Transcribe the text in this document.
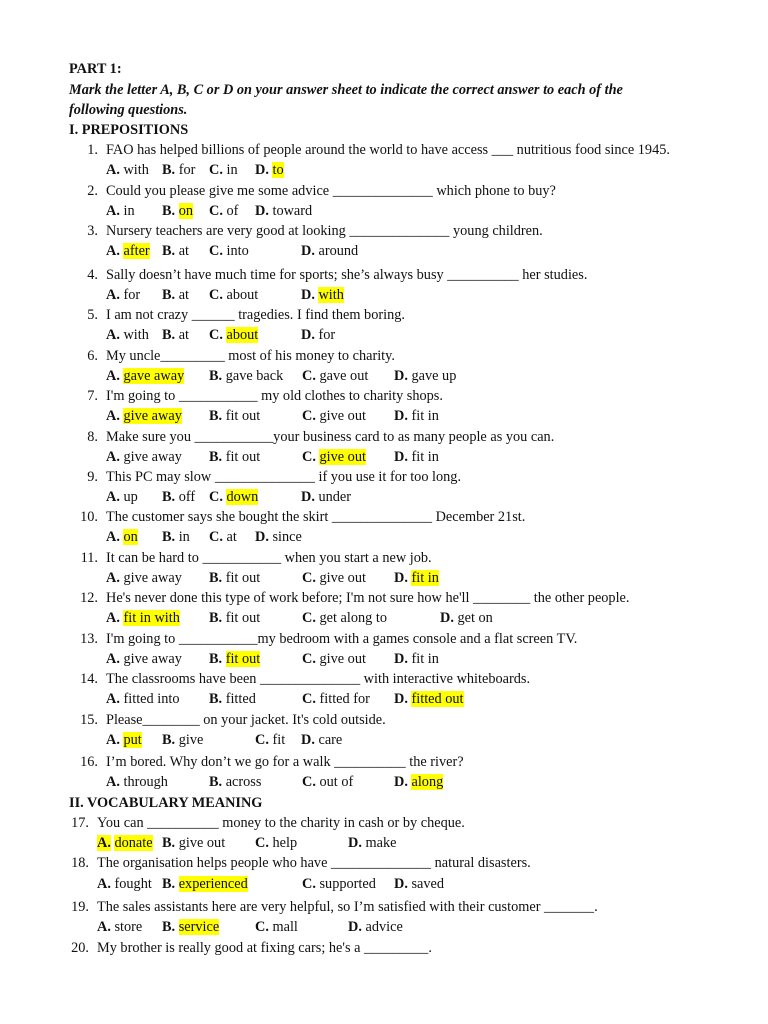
PART 1:
Mark the letter A, B, C or D on your answer sheet to indicate the correct answer to each of the
following questions.
I. PREPOSITIONS
II. VOCABULARY MEANING
1. FAO has helped billions of people around the world to have access ___ nutritious food since 1945.
A. with B. for C. in D. to
2. Could you please give me some advice ______________ which phone to buy?
A. in B. on C. of D. toward
3. Nursery teachers are very good at looking ______________ young children.
A. after B. at C. into	D. around
4. Sally doesn’t have much time for sports; she’s always busy __________ her studies.
A. for B. at C. about	D. with
5. I am not crazy ______ tragedies. I find them boring.
A. with B. at C. about	D. for
6. My uncle_________ most of his money to charity.
A. gave away B. gave back C. gave out D. gave up
7. I'm going to ___________ my old clothes to charity shops.
A. give away B. fit out	C. give out D. fit in
8. Make sure you ___________your business card to as many people as you can.
A. give away B. fit out	C. give out D. fit in
9. This PC may slow ______________ if you use it for too long.
A. up B. off C. down	D. under
10. The customer says she bought the skirt ______________ December 21st.
A. on B. in C. at D. since
11. It can be hard to ___________ when you start a new job.
A. give away B. fit out	C. give out D. fit in
12. He's never done this type of work before; I'm not sure how he'll ________ the other people.
A. fit in with B. fit out	C. get along to	D. get on
13. I'm going to ___________my bedroom with a games console and a flat screen TV.
A. give away B. fit out	C. give out D. fit in
14. The classrooms have been ______________ with interactive whiteboards.
A. fitted into B. fitted	C. fitted for D. fitted out
15. Please________ on your jacket. It's cold outside.
A. put B. give	C. fit D. care
16. I’m bored. Why don’t we go for a walk __________ the river?
A. through	B. across	C. out of	D. along
17. You can __________ money to the charity in cash or by cheque.
A. donate B. give out C. help	D. make
18. The organisation helps people who have ______________ natural disasters.
A. fought B. experienced	C. supported D. saved
19. The sales assistants here are very helpful, so I’m satisfied with their customer _______.
A. store B. service	C. mall	D. advice
20. My brother is really good at fixing cars; he's a _________.
